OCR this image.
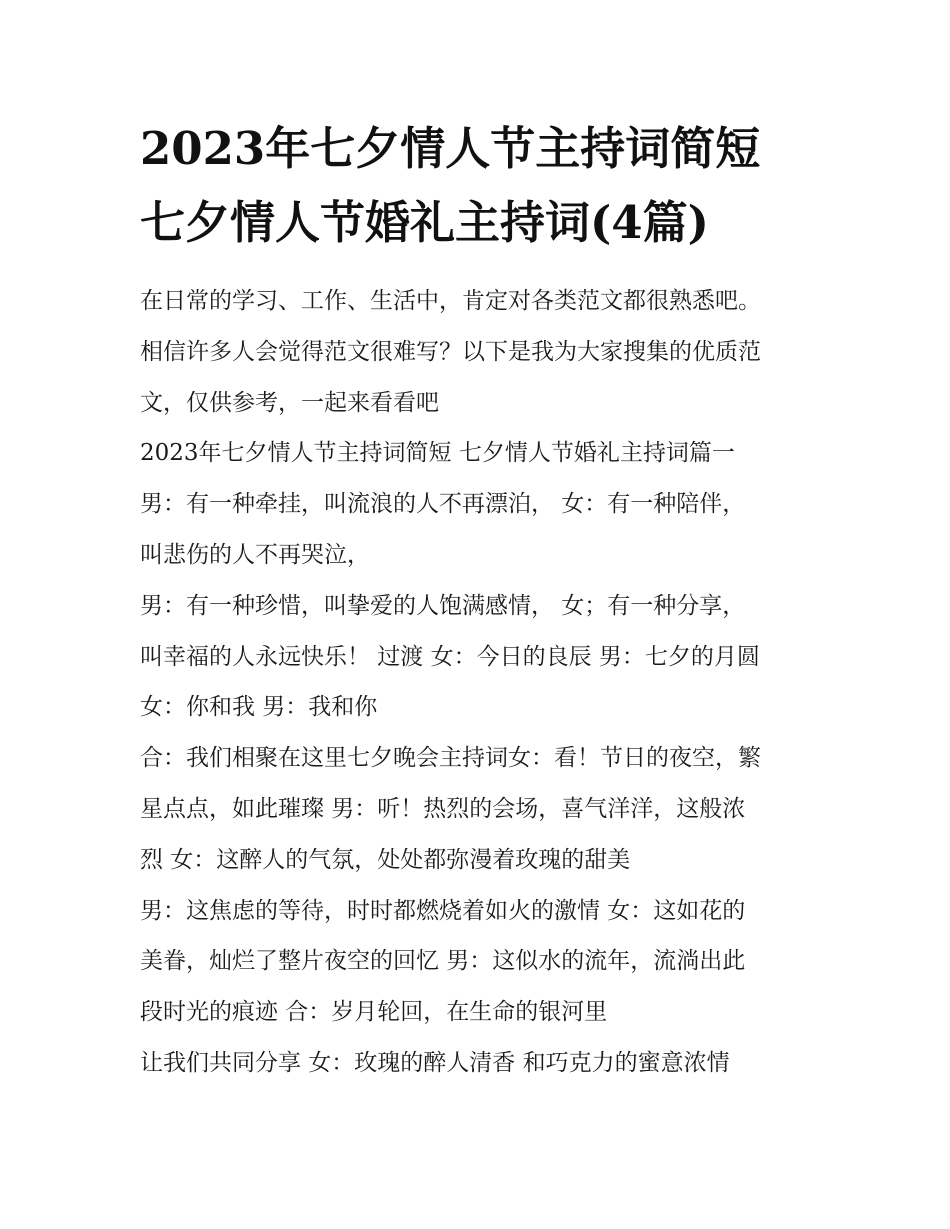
2023年七夕情人节主持词简短
七夕情人节婚礼主持词(4篇)
在日常的学习、工作、生活中，肯定对各类范文都很熟悉吧。
相信许多人会觉得范文很难写？以下是我为大家搜集的优质范
文，仅供参考，一起来看看吧
2023年七夕情人节主持词简短 七夕情人节婚礼主持词篇一
男：有一种牵挂，叫流浪的人不再漂泊， 女：有一种陪伴，
叫悲伤的人不再哭泣，
男：有一种珍惜，叫挚爱的人饱满感情， 女；有一种分享，
叫幸福的人永远快乐！ 过渡 女：今日的良辰 男：七夕的月圆
女：你和我 男：我和你
合：我们相聚在这里七夕晚会主持词女：看！节日的夜空，繁
星点点，如此璀璨 男：听！热烈的会场，喜气洋洋，这般浓
烈 女：这醉人的气氛，处处都弥漫着玫瑰的甜美
男：这焦虑的等待，时时都燃烧着如火的激情 女：这如花的
美眷，灿烂了整片夜空的回忆 男：这似水的流年，流淌出此
段时光的痕迹 合：岁月轮回，在生命的银河里
让我们共同分享 女：玫瑰的醉人清香 和巧克力的蜜意浓情
